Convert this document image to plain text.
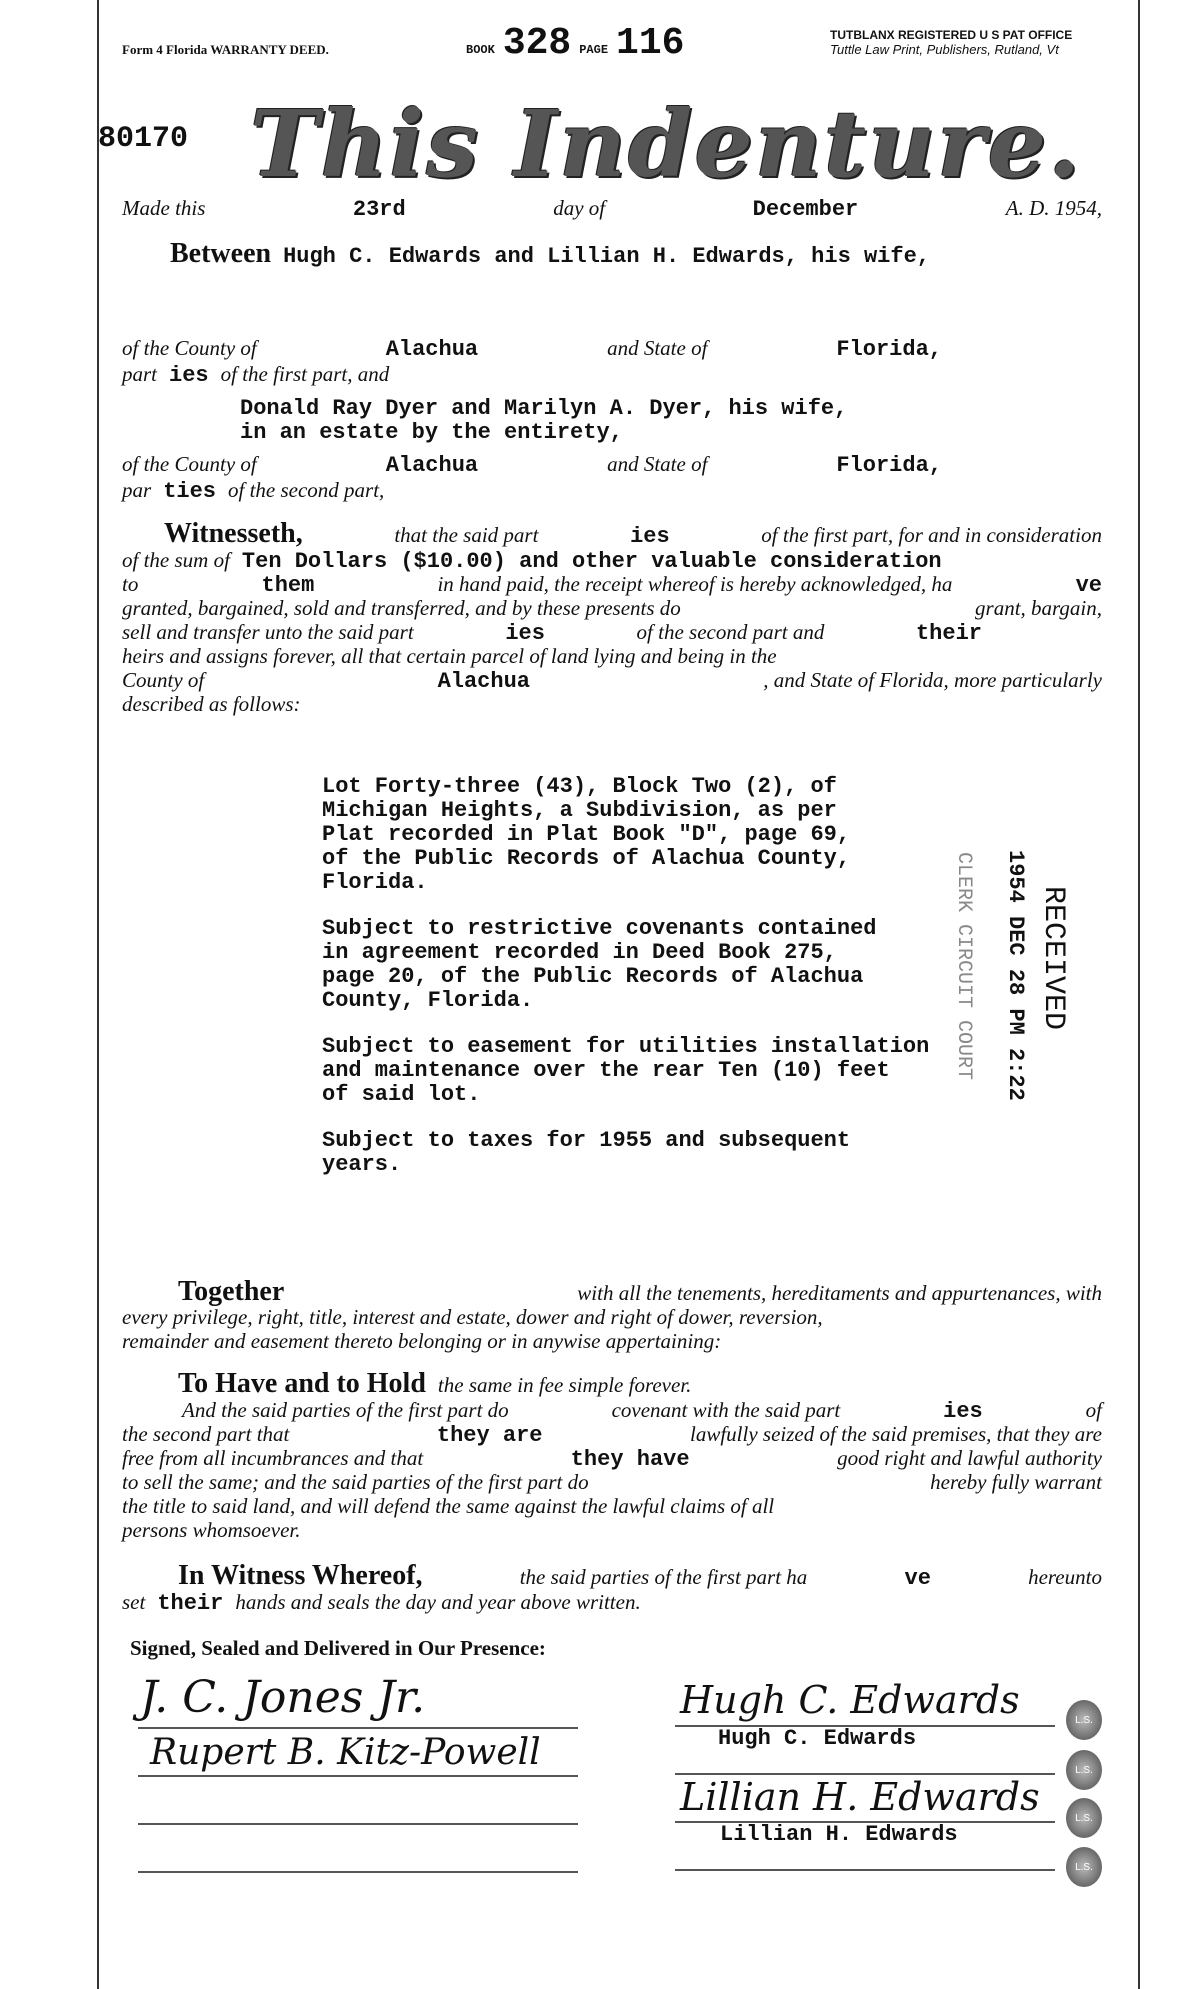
Form 4 Florida WARRANTY DEED.	BOOK 328 PAGE 116	TUTBLANX REGISTERED U S PAT OFFICE
Tuttle Law Print, Publishers, Rutland, Vt
80170 This Indenture.
Made this	23rd	day of	December	A. D. 1954,
Between Hugh C. Edwards and Lillian H. Edwards, his wife,
of the County of	Alachua	and State of	Florida,
part ies of the first part, and
Donald Ray Dyer and Marilyn A. Dyer, his wife,
in an estate by the entirety,
of the County of	Alachua	and State of	Florida,
par ties of the second part,
Witnesseth,	that the said part	ies	of the first part, for and in consideration
of the sum of Ten Dollars ($10.00) and other valuable consideration
to	them	in hand paid, the receipt whereof is hereby acknowledged, ha	ve
granted, bargained, sold and transferred, and by these presents do	grant, bargain,
sell and transfer unto the said part	ies	of the second part and	their
heirs and assigns forever, all that certain parcel of land lying and being in the
County of	Alachua	, and State of Florida, more particularly
described as follows:
Lot Forty-three (43), Block Two (2), of
Michigan Heights, a Subdivision, as per
Plat recorded in Plat Book "D", page 69,
of the Public Records of Alachua County,
Florida.
Subject to restrictive covenants contained
in agreement recorded in Deed Book 275,
page 20, of the Public Records of Alachua
County, Florida.
Subject to easement for utilities installation
and maintenance over the rear Ten (10) feet
of said lot.
Subject to taxes for 1955 and subsequent
years.
Together	with all the tenements, hereditaments and appurtenances, with
every privilege, right, title, interest and estate, dower and right of dower, reversion,
remainder and easement thereto belonging or in anywise appertaining:
To Have and to Hold the same in fee simple forever.
And the said parties of the first part do	covenant with the said part	ies	of
the second part that	they are	lawfully seized of the said premises, that they are
free from all incumbrances and that	they have	good right and lawful authority
to sell the same; and the said parties of the first part do	hereby fully warrant
the title to said land, and will defend the same against the lawful claims of all
persons whomsoever.
In Witness Whereof,	the said parties of the first part ha	ve	hereunto
set their hands and seals the day and year above written.
RECEIVED
1954 DEC 28 PM 2:22
CLERK CIRCUIT COURT
Signed, Sealed and Delivered in Our Presence:
J. C. Jones Jr.
Rupert B. Kitz-Powell
Hugh C. Edwards
Hugh C. Edwards
Lillian H. Edwards
Lillian H. Edwards
L.S.
L.S.
L.S.
L.S.
